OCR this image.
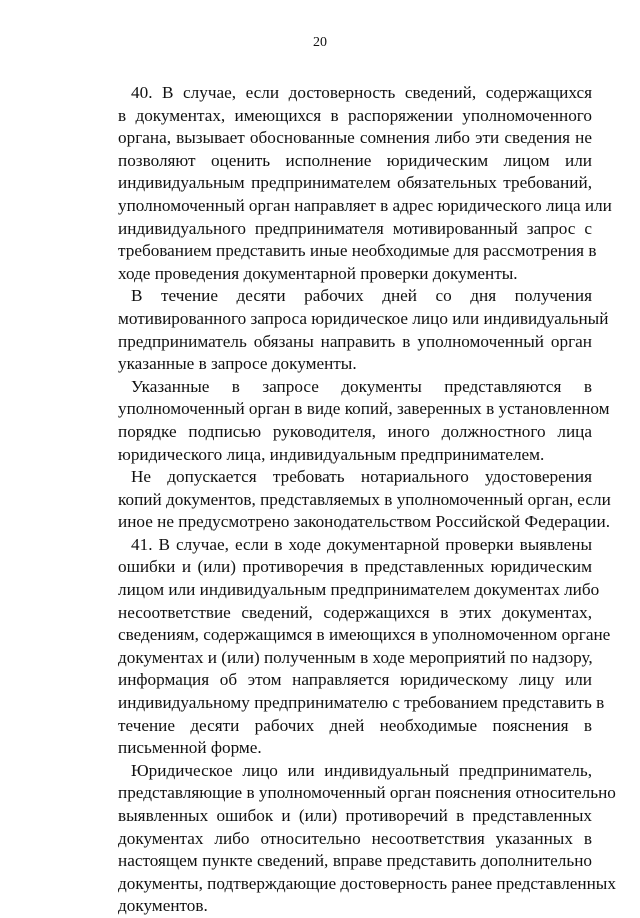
20
40. В случае, если достоверность сведений, содержащихся
в документах, имеющихся в распоряжении уполномоченного
органа, вызывает обоснованные сомнения либо эти сведения не
позволяют оценить исполнение юридическим лицом или
индивидуальным предпринимателем обязательных требований,
уполномоченный орган направляет в адрес юридического лица или
индивидуального предпринимателя мотивированный запрос с
требованием представить иные необходимые для рассмотрения в
ходе проведения документарной проверки документы.
В течение десяти рабочих дней со дня получения
мотивированного запроса юридическое лицо или индивидуальный
предприниматель обязаны направить в уполномоченный орган
указанные в запросе документы.
Указанные в запросе документы представляются в
уполномоченный орган в виде копий, заверенных в установленном
порядке подписью руководителя, иного должностного лица
юридического лица, индивидуальным предпринимателем.
Не допускается требовать нотариального удостоверения
копий документов, представляемых в уполномоченный орган, если
иное не предусмотрено законодательством Российской Федерации.
41. В случае, если в ходе документарной проверки выявлены
ошибки и (или) противоречия в представленных юридическим
лицом или индивидуальным предпринимателем документах либо
несоответствие сведений, содержащихся в этих документах,
сведениям, содержащимся в имеющихся в уполномоченном органе
документах и (или) полученным в ходе мероприятий по надзору,
информация об этом направляется юридическому лицу или
индивидуальному предпринимателю с требованием представить в
течение десяти рабочих дней необходимые пояснения в
письменной форме.
Юридическое лицо или индивидуальный предприниматель,
представляющие в уполномоченный орган пояснения относительно
выявленных ошибок и (или) противоречий в представленных
документах либо относительно несоответствия указанных в
настоящем пункте сведений, вправе представить дополнительно
документы, подтверждающие достоверность ранее представленных
документов.
